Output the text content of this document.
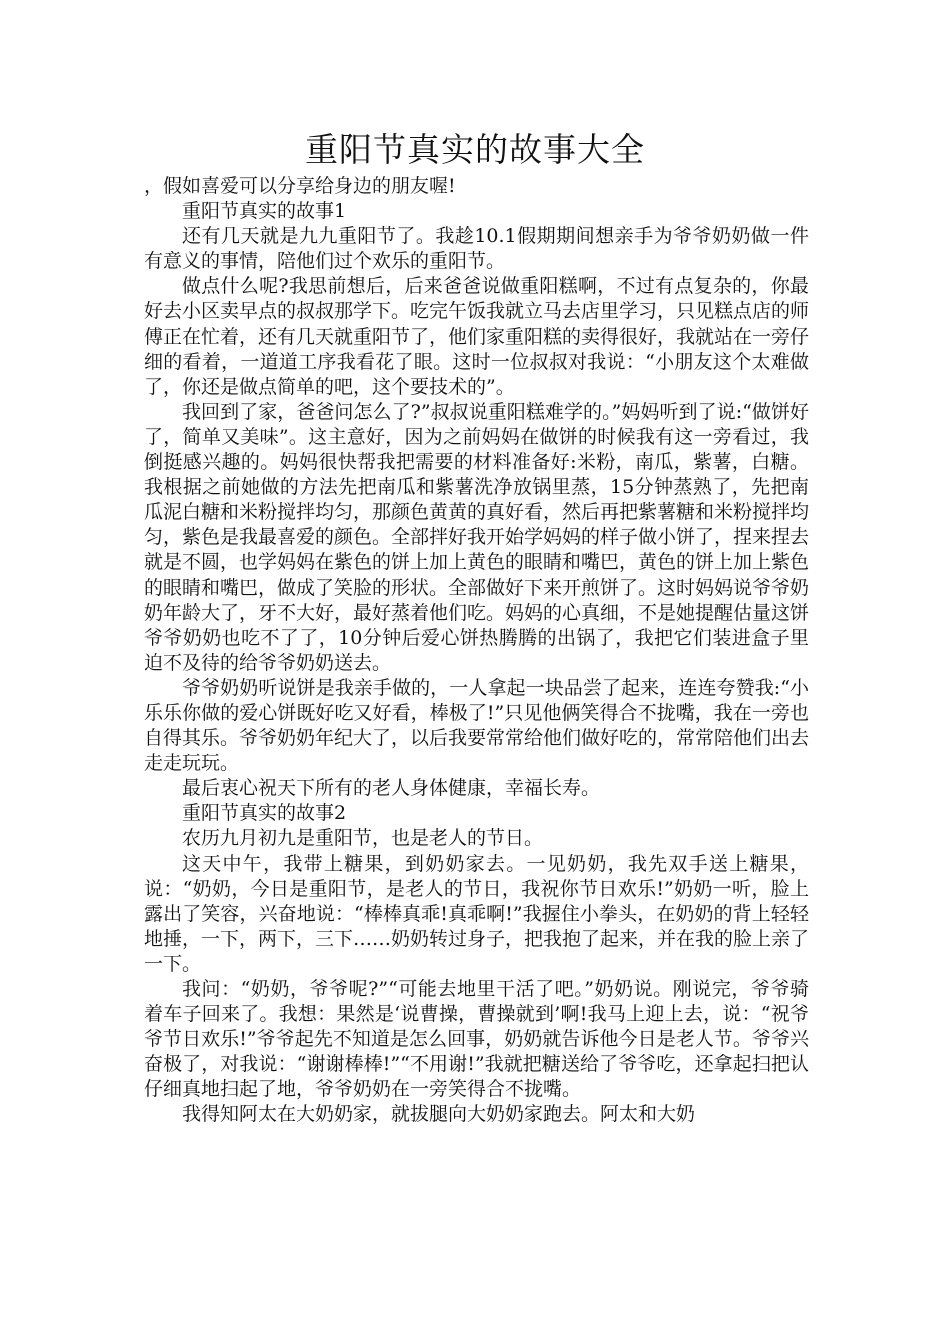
重阳节真实的故事大全

，假如喜爱可以分享给身边的朋友喔!

重阳节真实的故事1

还有几天就是九九重阳节了。我趁10.1假期期间想亲手为爷爷奶奶做一件有意义的事情，陪他们过个欢乐的重阳节。

做点什么呢?我思前想后，后来爸爸说做重阳糕啊，不过有点复杂的，你最好去小区卖早点的叔叔那学下。吃完午饭我就立马去店里学习，只见糕点店的师傅正在忙着，还有几天就重阳节了，他们家重阳糕的卖得很好，我就站在一旁仔细的看着，一道道工序我看花了眼。这时一位叔叔对我说：“小朋友这个太难做了，你还是做点简单的吧，这个要技术的”。

我回到了家，爸爸问怎么了?”叔叔说重阳糕难学的。”妈妈听到了说:“做饼好了，简单又美味”。这主意好，因为之前妈妈在做饼的时候我有这一旁看过，我倒挺感兴趣的。妈妈很快帮我把需要的材料准备好:米粉，南瓜，紫薯，白糖。我根据之前她做的方法先把南瓜和紫薯洗净放锅里蒸，15分钟蒸熟了，先把南瓜泥白糖和米粉搅拌均匀，那颜色黄黄的真好看，然后再把紫薯糖和米粉搅拌均匀，紫色是我最喜爱的颜色。全部拌好我开始学妈妈的样子做小饼了，捏来捏去就是不圆，也学妈妈在紫色的饼上加上黄色的眼睛和嘴巴，黄色的饼上加上紫色的眼睛和嘴巴，做成了笑脸的形状。全部做好下来开煎饼了。这时妈妈说爷爷奶奶年龄大了，牙不大好，最好蒸着他们吃。妈妈的心真细，不是她提醒估量这饼爷爷奶奶也吃不了了，10分钟后爱心饼热腾腾的出锅了，我把它们装进盒子里迫不及待的给爷爷奶奶送去。

爷爷奶奶听说饼是我亲手做的，一人拿起一块品尝了起来，连连夸赞我:“小乐乐你做的爱心饼既好吃又好看，棒极了!”只见他俩笑得合不拢嘴，我在一旁也自得其乐。爷爷奶奶年纪大了，以后我要常常给他们做好吃的，常常陪他们出去走走玩玩。

最后衷心祝天下所有的老人身体健康，幸福长寿。

重阳节真实的故事2

农历九月初九是重阳节，也是老人的节日。

这天中午，我带上糖果，到奶奶家去。一见奶奶，我先双手送上糖果，说：“奶奶，今日是重阳节，是老人的节日，我祝你节日欢乐!”奶奶一听，脸上露出了笑容，兴奋地说：“棒棒真乖!真乖啊!”我握住小拳头，在奶奶的背上轻轻地捶，一下，两下，三下……奶奶转过身子，把我抱了起来，并在我的脸上亲了一下。

我问：“奶奶，爷爷呢?”“可能去地里干活了吧。”奶奶说。刚说完，爷爷骑着车子回来了。我想：果然是‘说曹操，曹操就到’啊!我马上迎上去，说：“祝爷爷节日欢乐!”爷爷起先不知道是怎么回事，奶奶就告诉他今日是老人节。爷爷兴奋极了，对我说：“谢谢棒棒!”“不用谢!”我就把糖送给了爷爷吃，还拿起扫把认仔细真地扫起了地，爷爷奶奶在一旁笑得合不拢嘴。

我得知阿太在大奶奶家，就拔腿向大奶奶家跑去。阿太和大奶
